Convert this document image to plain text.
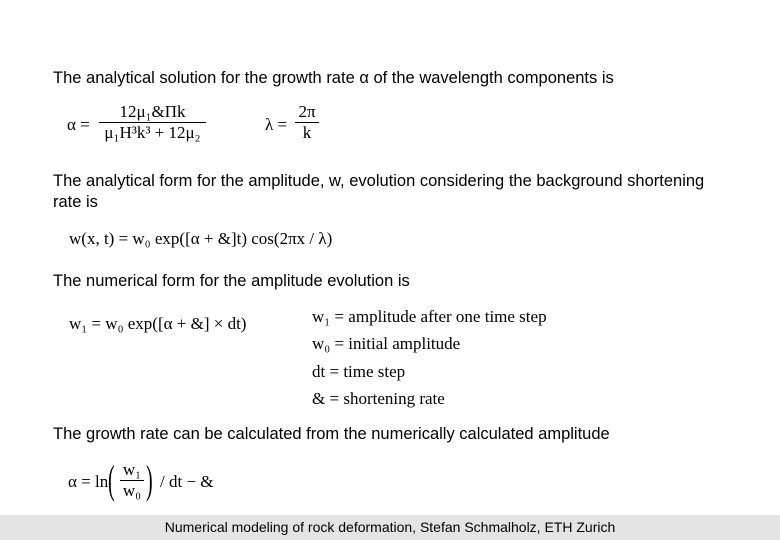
The analytical solution for the growth rate α of the wavelength components is
α =
12μ₁&Πk
μ₁H³k³ + 12μ₂	λ =
2π
k
The analytical form for the amplitude, w, evolution considering the background shortening rate is
w(x, t) = w₀ exp([α + &]t) cos(2πx / λ)
The numerical form for the amplitude evolution is
w₁ = w₀ exp([α + &] × dt)	w₁ = amplitude after one time step
w₀ = initial amplitude
dt = time step
& = shortening rate
The growth rate can be calculated from the numerically calculated amplitude
α = ln ( w₁
w₀ ) / dt − &
Numerical modeling of rock deformation, Stefan Schmalholz, ETH Zurich
